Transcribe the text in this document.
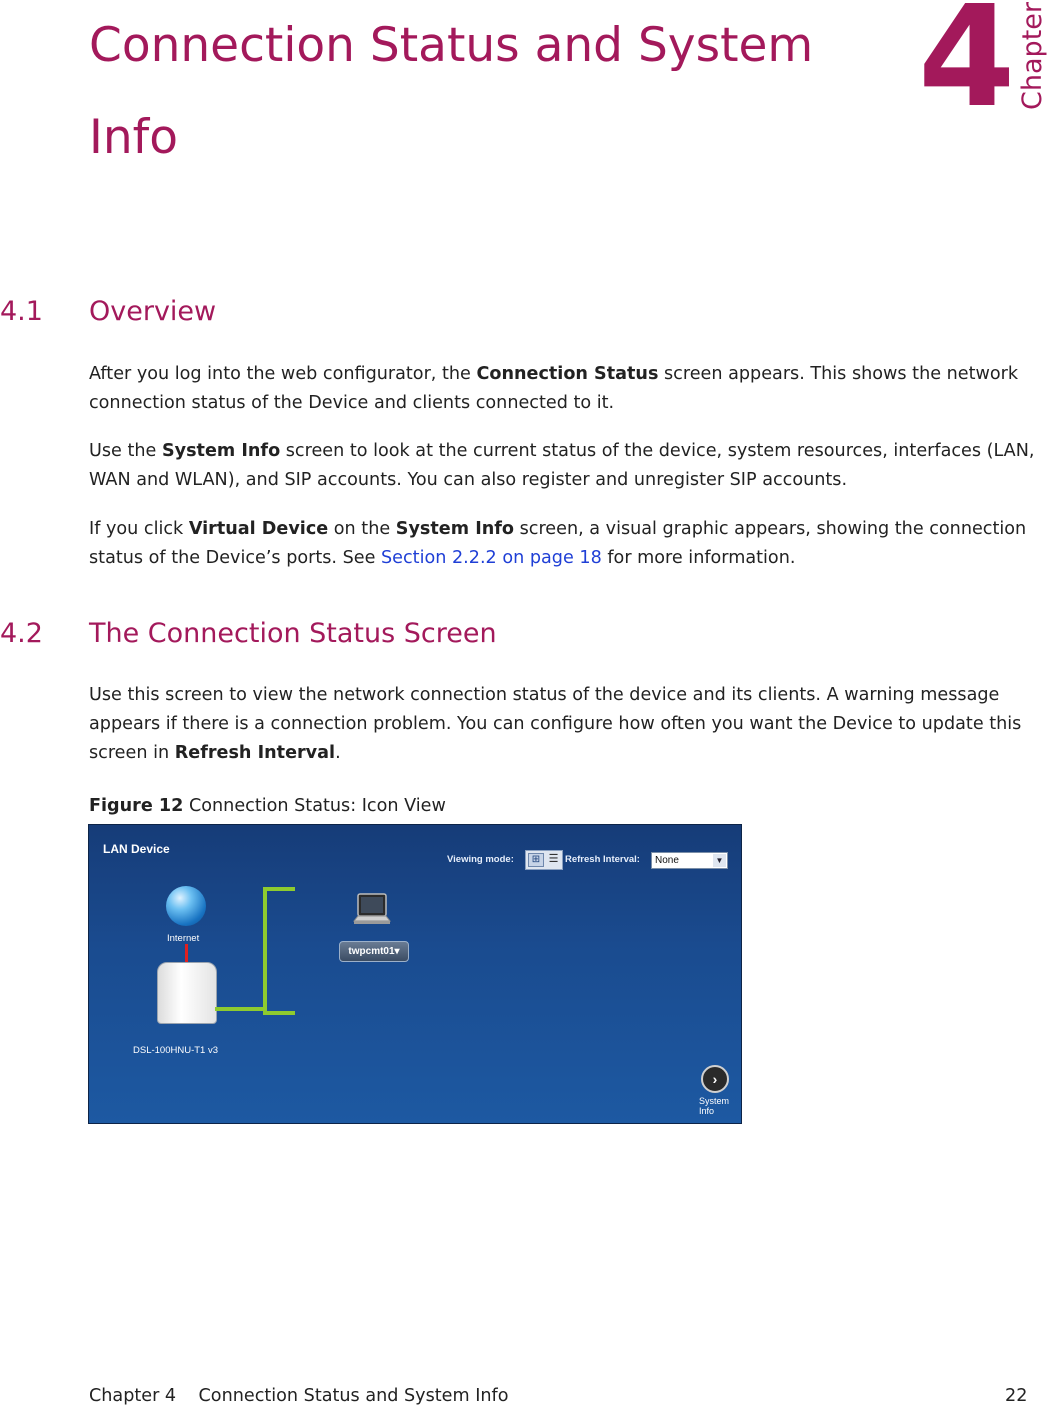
Connection Status and System Info	4 Chapter
4.1 Overview

After you log into the web configurator, the Connection Status screen appears. This shows the network connection status of the Device and clients connected to it.

Use the System Info screen to look at the current status of the device, system resources, interfaces (LAN, WAN and WLAN), and SIP accounts. You can also register and unregister SIP accounts.

If you click Virtual Device on the System Info screen, a visual graphic appears, showing the connection status of the Device’s ports. See Section 2.2.2 on page 18 for more information.

4.2 The Connection Status Screen

Use this screen to view the network connection status of the device and its clients. A warning message appears if there is a connection problem. You can configure how often you want the Device to update this screen in Refresh Interval.

Figure 12 Connection Status: Icon View

LAN Device
Viewing mode:	⊞ ☰ Refresh Interval:	None	▼
Internet
DSL-100HNU-T1 v3
twpcmt01▾
›
System Info
Chapter 4 Connection Status and System Info	22
